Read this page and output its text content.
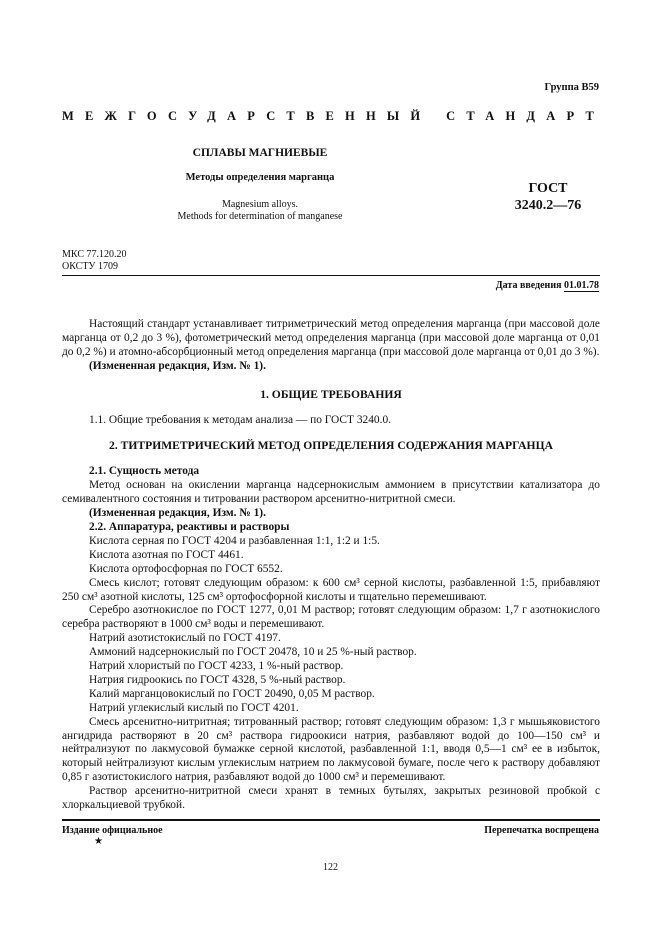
Группа В59
МЕЖГОСУДАРСТВЕННЫЙ СТАНДАРТ
СПЛАВЫ МАГНИЕВЫЕ
Методы определения марганца
Magnesium alloys.
Methods for determination of manganese
ГОСТ
3240.2—76
МКС 77.120.20
ОКСТУ 1709
Дата введения 01.01.78

Настоящий стандарт устанавливает титриметрический метод определения марганца (при массовой доле марганца от 0,2 до 3 %), фотометрический метод определения марганца (при массовой доле марганца от 0,01 до 0,2 %) и атомно-абсорбционный метод определения марганца (при массовой доле марганца от 0,01 до 3 %).

(Измененная редакция, Изм. № 1).

1. ОБЩИЕ ТРЕБОВАНИЯ

1.1. Общие требования к методам анализа — по ГОСТ 3240.0.

2. ТИТРИМЕТРИЧЕСКИЙ МЕТОД ОПРЕДЕЛЕНИЯ СОДЕРЖАНИЯ МАРГАНЦА

2.1. Сущность метода

Метод основан на окислении марганца надсернокислым аммонием в присутствии катализатора до семивалентного состояния и титровании раствором арсенитно-нитритной смеси.

(Измененная редакция, Изм. № 1).

2.2. Аппаратура, реактивы и растворы

Кислота серная по ГОСТ 4204 и разбавленная 1:1, 1:2 и 1:5.

Кислота азотная по ГОСТ 4461.

Кислота ортофосфорная по ГОСТ 6552.

Смесь кислот; готовят следующим образом: к 600 см³ серной кислоты, разбавленной 1:5, прибавляют 250 см³ азотной кислоты, 125 см³ ортофосфорной кислоты и тщательно перемешивают.

Серебро азотнокислое по ГОСТ 1277, 0,01 М раствор; готовят следующим образом: 1,7 г азотнокислого серебра растворяют в 1000 см³ воды и перемешивают.

Натрий азотистокислый по ГОСТ 4197.

Аммоний надсернокислый по ГОСТ 20478, 10 и 25 %-ный раствор.

Натрий хлористый по ГОСТ 4233, 1 %-ный раствор.

Натрия гидроокись по ГОСТ 4328, 5 %-ный раствор.

Калий марганцовокислый по ГОСТ 20490, 0,05 М раствор.

Натрий углекислый кислый по ГОСТ 4201.

Смесь арсенитно-нитритная; титрованный раствор; готовят следующим образом: 1,3 г мышьяковистого ангидрида растворяют в 20 см³ раствора гидроокиси натрия, разбавляют водой до 100—150 см³ и нейтрализуют по лакмусовой бумажке серной кислотой, разбавленной 1:1, вводя 0,5—1 см³ ее в избыток, который нейтрализуют кислым углекислым натрием по лакмусовой бумаге, после чего к раствору добавляют 0,85 г азотистокислого натрия, разбавляют водой до 1000 см³ и перемешивают.

Раствор арсенитно-нитритной смеси хранят в темных бутылях, закрытых резиновой пробкой с хлоркальциевой трубкой.

Издание официальное
★
Перепечатка воспрещена
122
